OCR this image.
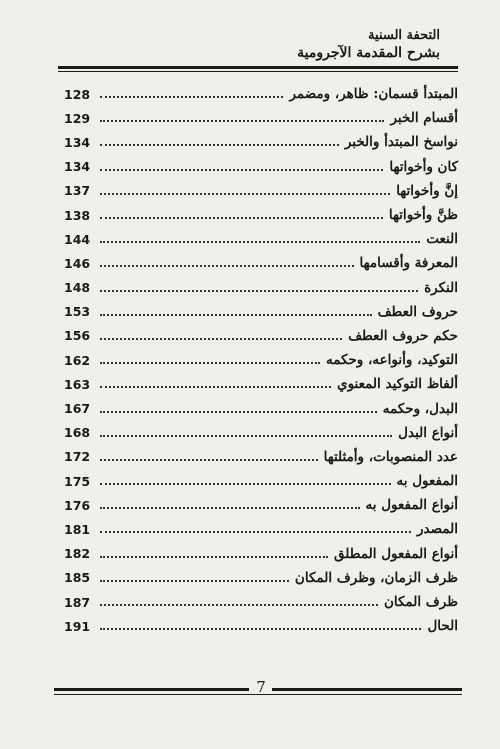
التحفة السنية
بشرح المقدمة الآجرومية
المبتدأ قسمان: ظاهر، ومضمر
128
أقسام الخبر
129
نواسخ المبتدأ والخبر
134
كان وأخواتها
134
إنَّ وأخواتها
137
ظنَّ وأخواتها
138
النعت
144
المعرفة وأقسامها
146
النكرة
148
حروف العطف
153
حكم حروف العطف
156
التوكيد، وأنواعه، وحكمه
162
ألفاظ التوكيد المعنوي
163
البدل، وحكمه
167
أنواع البدل
168
عدد المنصوبات، وأمثلتها
172
المفعول به
175
أنواع المفعول به
176
المصدر
181
أنواع المفعول المطلق
182
ظرف الزمان، وظرف المكان
185
ظرف المكان
187
الحال
191
7
